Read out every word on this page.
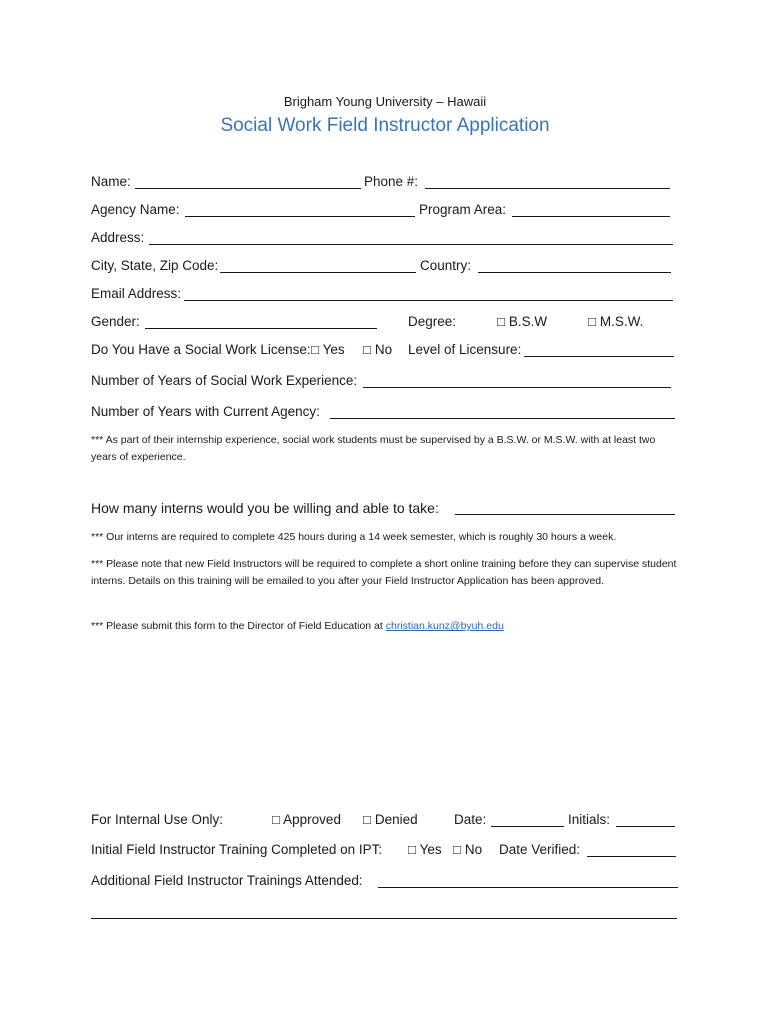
Brigham Young University – Hawaii
Social Work Field Instructor Application
Name:	Phone #:
Agency Name:	Program Area:
Address:
City, State, Zip Code:	Country:
Email Address:
Gender:	Degree:	□ B.S.W	□ M.S.W.
Do You Have a Social Work License: □ Yes □ No Level of Licensure:
Number of Years of Social Work Experience:
Number of Years with Current Agency:
*** As part of their internship experience, social work students must be supervised by a B.S.W. or M.S.W. with at least two years of experience.
How many interns would you be willing and able to take:
*** Our interns are required to complete 425 hours during a 14 week semester, which is roughly 30 hours a week.
*** Please note that new Field Instructors will be required to complete a short online training before they can supervise student interns. Details on this training will be emailed to you after your Field Instructor Application has been approved.
*** Please submit this form to the Director of Field Education at christian.kunz@byuh.edu
For Internal Use Only:	□ Approved □ Denied	Date:	Initials:
Initial Field Instructor Training Completed on IPT: □ Yes □ No Date Verified:
Additional Field Instructor Trainings Attended:
